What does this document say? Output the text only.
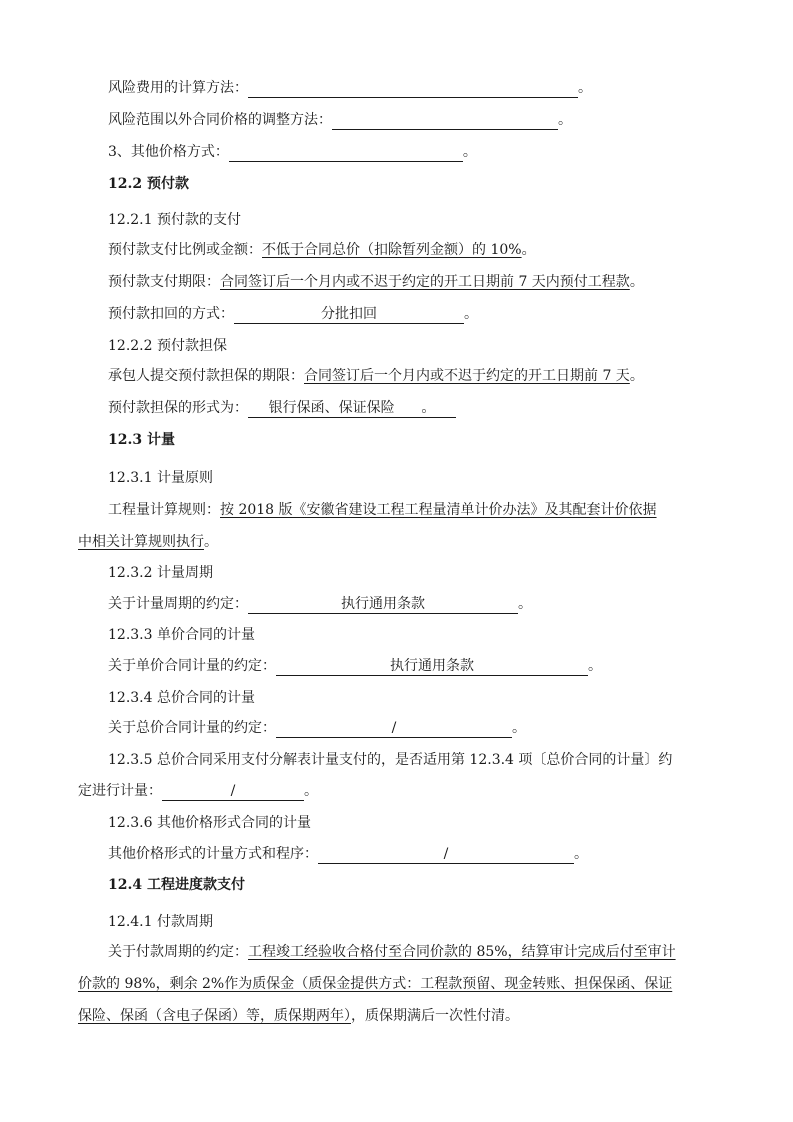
风险费用的计算方法：	。
风险范围以外合同价格的调整方法：	。
3、其他价格方式：	。
12.2 预付款
12.2.1 预付款的支付
预付款支付比例或金额：不低于合同总价（扣除暂列金额）的 10%。
预付款支付期限：合同签订后一个月内或不迟于约定的开工日期前 7 天内预付工程款。
预付款扣回的方式：	分批扣回	。
12.2.2 预付款担保
承包人提交预付款担保的期限：合同签订后一个月内或不迟于约定的开工日期前 7 天。
预付款担保的形式为： 银行保函、保证保险 。
12.3 计量
12.3.1 计量原则
工程量计算规则：按 2018 版《安徽省建设工程工程量清单计价办法》及其配套计价依据
中相关计算规则执行。
12.3.2 计量周期
关于计量周期的约定：	执行通用条款	。
12.3.3 单价合同的计量
关于单价合同计量的约定：	执行通用条款	。
12.3.4 总价合同的计量
关于总价合同计量的约定：	/	。
12.3.5 总价合同采用支付分解表计量支付的，是否适用第 12.3.4 项〔总价合同的计量〕约
定进行计量：	/	。
12.3.6 其他价格形式合同的计量
其他价格形式的计量方式和程序：	/	。
12.4 工程进度款支付
12.4.1 付款周期
关于付款周期的约定：工程竣工经验收合格付至合同价款的 85%，结算审计完成后付至审计
价款的 98%，剩余 2%作为质保金（质保金提供方式：工程款预留、现金转账、担保保函、保证
保险、保函（含电子保函）等，质保期两年），质保期满后一次性付清。
